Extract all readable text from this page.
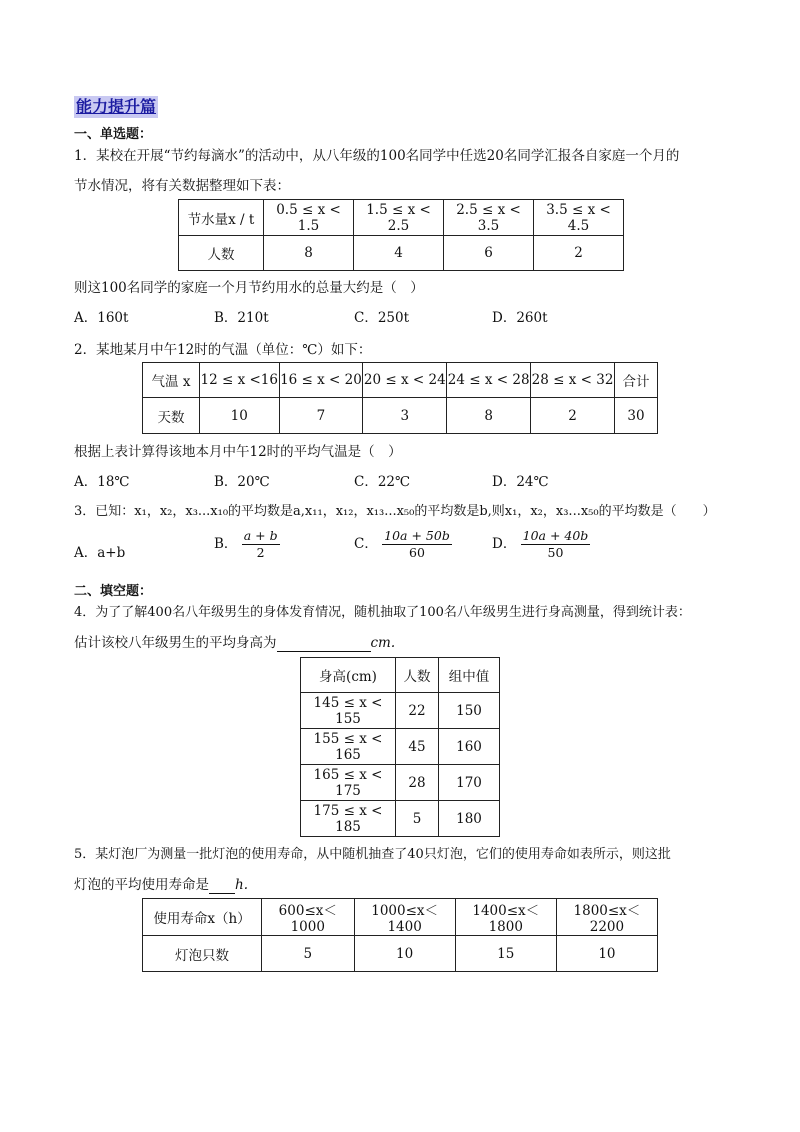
能力提升篇
一、单选题：
1．某校在开展“节约每滴水”的活动中，从八年级的100名同学中任选20名同学汇报各自家庭一个月的
节水情况，将有关数据整理如下表：
节水量x / t	0.5 ≤ x < 1.5	1.5 ≤ x < 2.5	2.5 ≤ x < 3.5	3.5 ≤ x < 4.5
人数	8	4	6	2
则这100名同学的家庭一个月节约用水的总量大约是（　）
A．160t	B．210t	C．250t	D．260t
2．某地某月中午12时的气温（单位：℃）如下：
气温 x	12 ≤ x <16	16 ≤ x < 20	20 ≤ x < 24	24 ≤ x < 28	28 ≤ x < 32	合计
天数	10	7	3	8	2	30
根据上表计算得该地本月中午12时的平均气温是（　）
A．18℃	B．20℃	C．22℃	D．24℃
3．已知：x₁，x₂，x₃...x₁₀的平均数是a,x₁₁，x₁₂，x₁₃...x₅₀的平均数是b,则x₁，x₂，x₃...x₅₀的平均数是（　　）
A．a+b
B． $\frac{a + b}{2}$	C． $\frac{10a + 50b}{60}$	D． $\frac{10a + 40b}{50}$
二、填空题：
4．为了了解400名八年级男生的身体发育情况，随机抽取了100名八年级男生进行身高测量，得到统计表：
估计该校八年级男生的平均身高为	cm.
身高(cm)	人数	组中值
145 ≤ x < 155	22	150
155 ≤ x < 165	45	160
165 ≤ x < 175	28	170
175 ≤ x < 185	5	180
5．某灯泡厂为测量一批灯泡的使用寿命，从中随机抽查了40只灯泡，它们的使用寿命如表所示，则这批
灯泡的平均使用寿命是 h.
使用寿命x（h）	600≤x＜1000	1000≤x＜1400	1400≤x＜1800	1800≤x＜2200
灯泡只数	5	10	15	10
